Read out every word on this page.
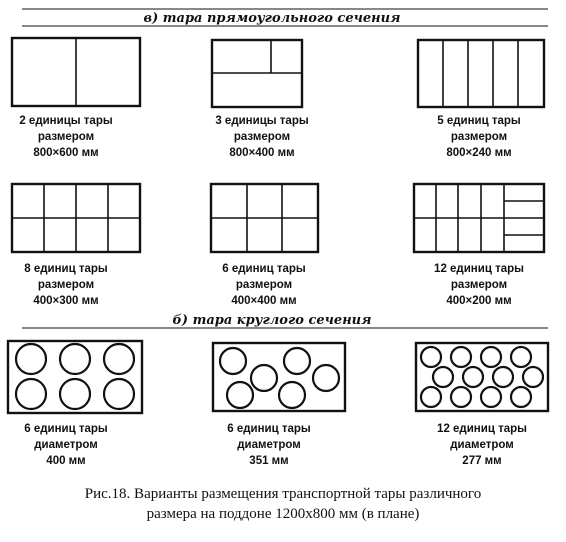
в) тара прямоугольного сечения
2 единицы тары
размером
800×600 мм
3 единицы тары
размером
800×400 мм
5 единиц тары
размером
800×240 мм
8 единиц тары
размером
400×300 мм
6 единиц тары
размером
400×400 мм
12 единиц тары
размером
400×200 мм
б) тара круглого сечения
6 единиц тары
диаметром
400 мм
6 единиц тары
диаметром
351 мм
12 единиц тары
диаметром
277 мм
Рис.18. Варианты размещения транспортной тары различного
размера на поддоне 1200x800 мм (в плане)
